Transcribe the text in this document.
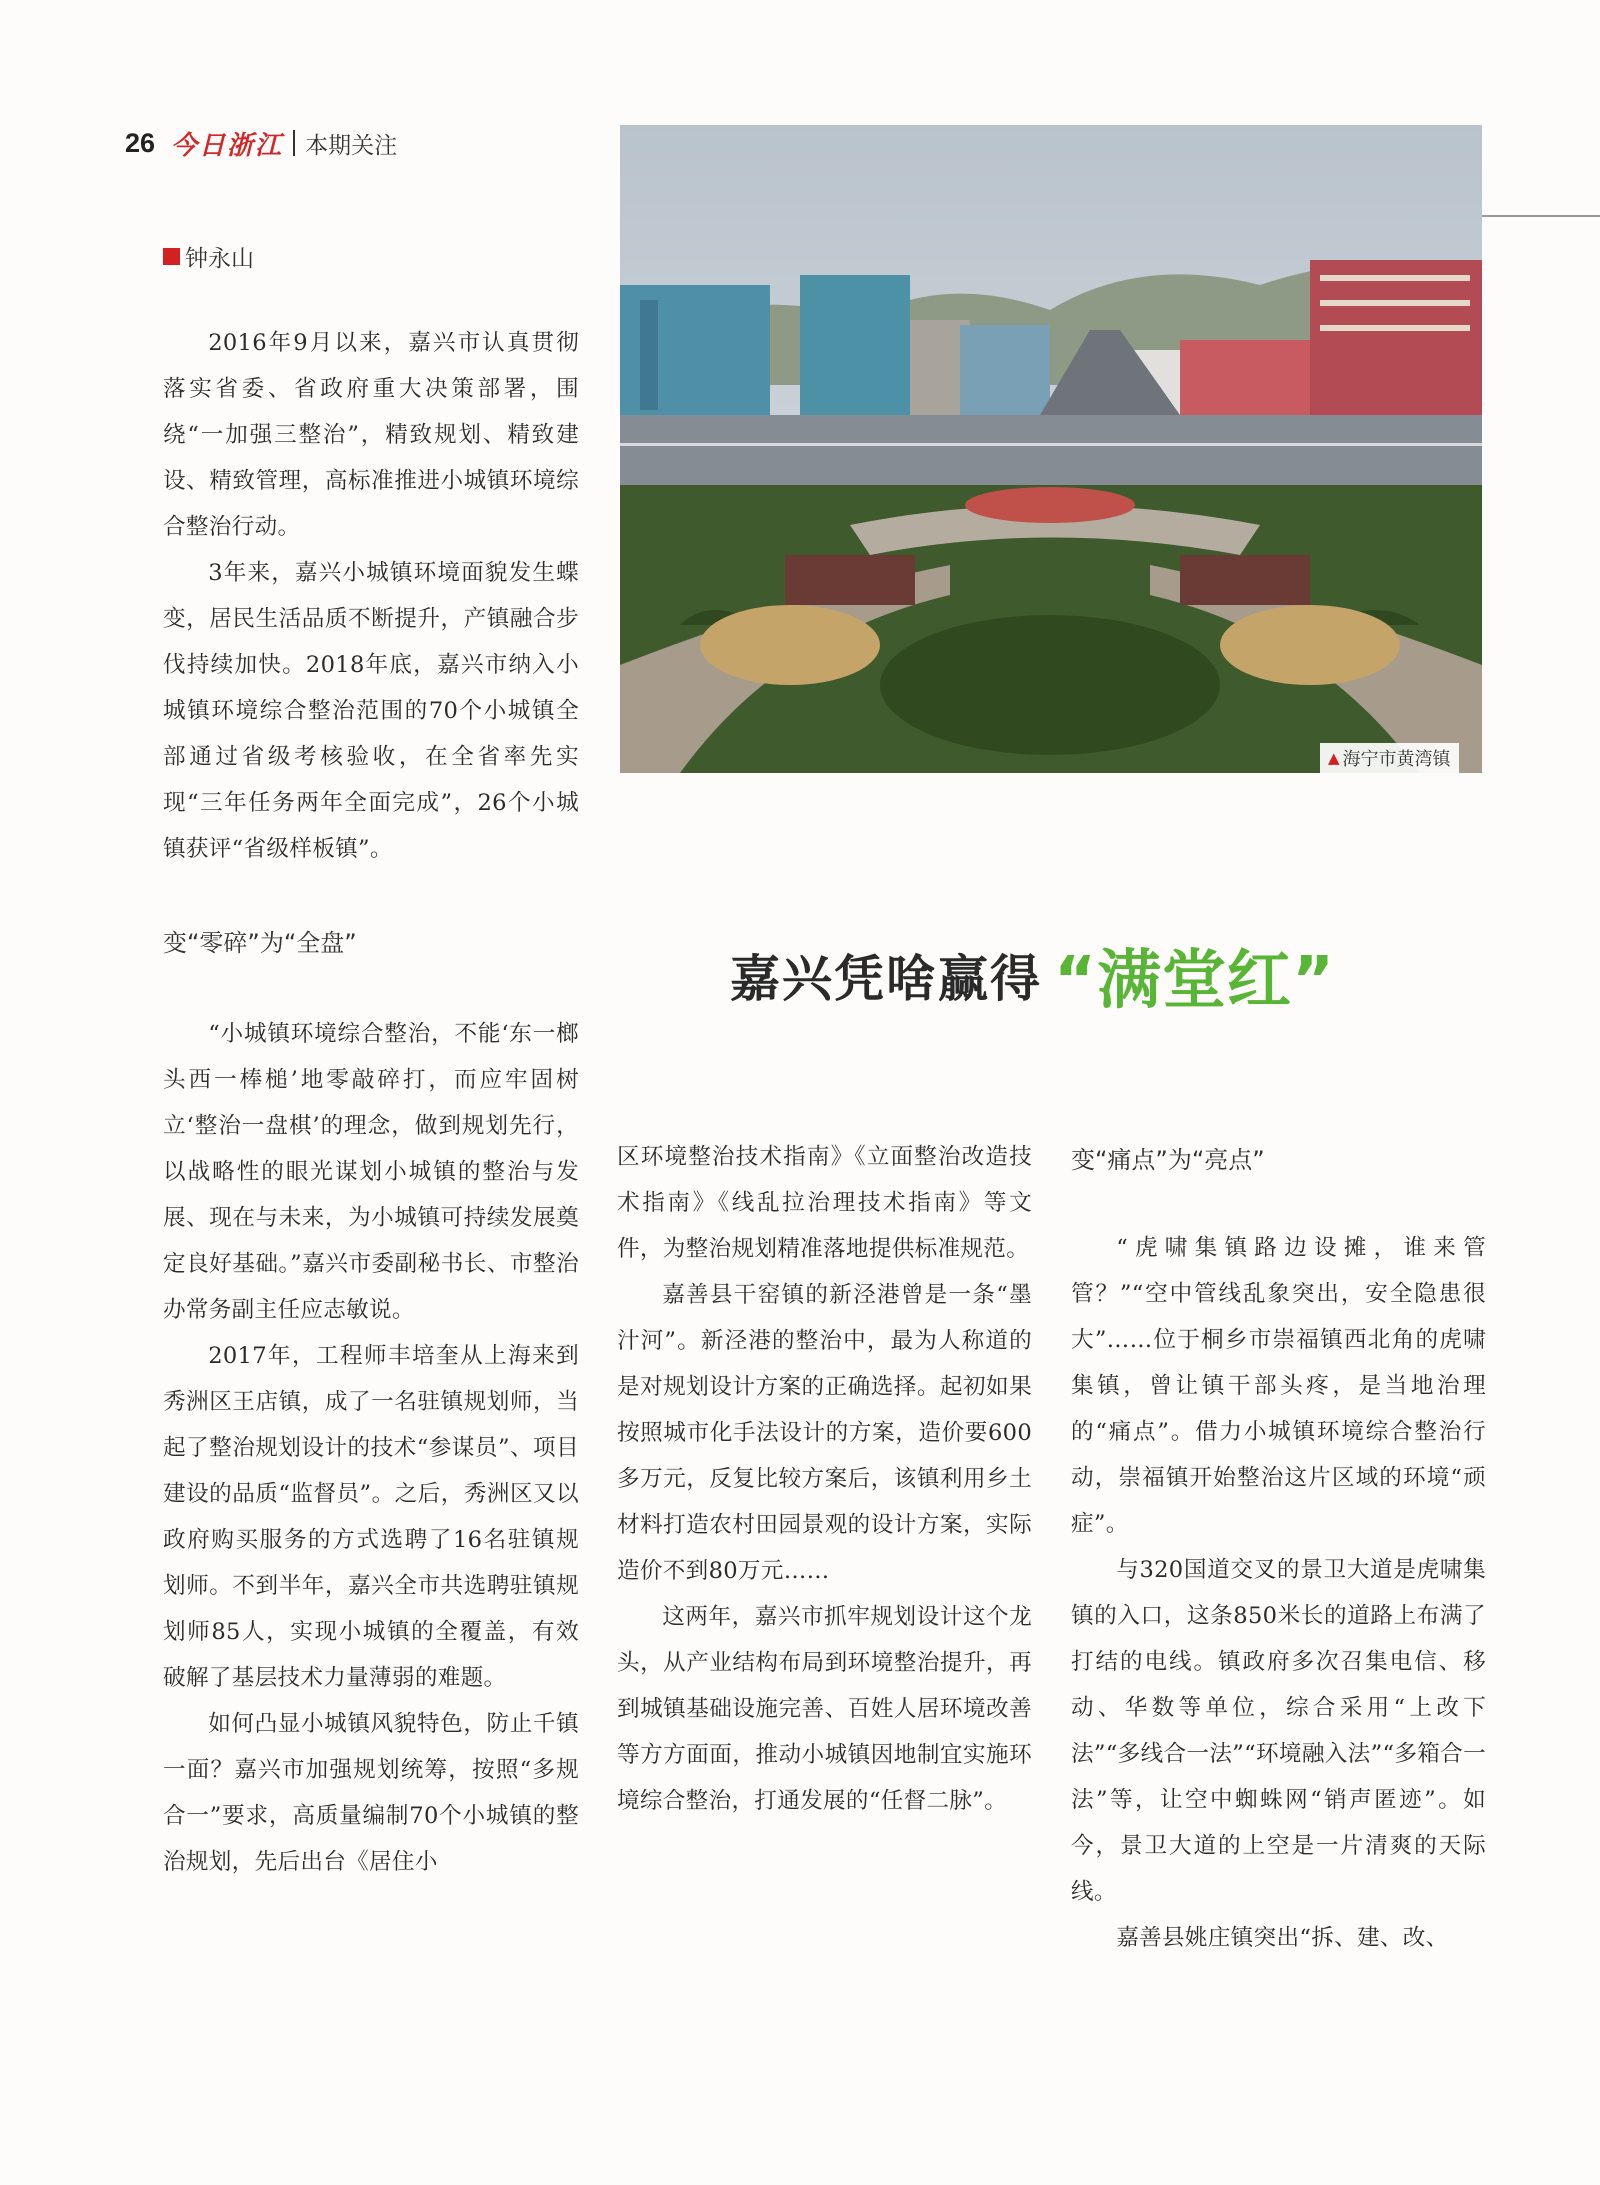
26 今日浙江 本期关注
钟永山

2016年9月以来，嘉兴市认真贯彻落实省委、省政府重大决策部署，围绕“一加强三整治”，精致规划、精致建设、精致管理，高标准推进小城镇环境综合整治行动。

3年来，嘉兴小城镇环境面貌发生蝶变，居民生活品质不断提升，产镇融合步伐持续加快。2018年底，嘉兴市纳入小城镇环境综合整治范围的70个小城镇全部通过省级考核验收，在全省率先实现“三年任务两年全面完成”，26个小城镇获评“省级样板镇”。

变“零碎”为“全盘”

“小城镇环境综合整治，不能‘东一榔头西一棒槌’地零敲碎打，而应牢固树立‘整治一盘棋’的理念，做到规划先行，以战略性的眼光谋划小城镇的整治与发展、现在与未来，为小城镇可持续发展奠定良好基础。”嘉兴市委副秘书长、市整治办常务副主任应志敏说。

2017年，工程师丰培奎从上海来到秀洲区王店镇，成了一名驻镇规划师，当起了整治规划设计的技术“参谋员”、项目建设的品质“监督员”。之后，秀洲区又以政府购买服务的方式选聘了16名驻镇规划师。不到半年，嘉兴全市共选聘驻镇规划师85人，实现小城镇的全覆盖，有效破解了基层技术力量薄弱的难题。

如何凸显小城镇风貌特色，防止千镇一面？嘉兴市加强规划统筹，按照“多规合一”要求，高质量编制70个小城镇的整治规划，先后出台《居住小

▲ 海宁市黄湾镇
嘉兴凭啥赢得 “满堂红”

区环境整治技术指南》《立面整治改造技术指南》《线乱拉治理技术指南》等文件，为整治规划精准落地提供标准规范。

嘉善县干窑镇的新泾港曾是一条“墨汁河”。新泾港的整治中，最为人称道的是对规划设计方案的正确选择。起初如果按照城市化手法设计的方案，造价要600多万元，反复比较方案后，该镇利用乡土材料打造农村田园景观的设计方案，实际造价不到80万元……

这两年，嘉兴市抓牢规划设计这个龙头，从产业结构布局到环境整治提升，再到城镇基础设施完善、百姓人居环境改善等方方面面，推动小城镇因地制宜实施环境综合整治，打通发展的“任督二脉”。

变“痛点”为“亮点”

“虎啸集镇路边设摊，谁来管管？”“空中管线乱象突出，安全隐患很大”……位于桐乡市崇福镇西北角的虎啸集镇，曾让镇干部头疼，是当地治理的“痛点”。借力小城镇环境综合整治行动，崇福镇开始整治这片区域的环境“顽症”。

与320国道交叉的景卫大道是虎啸集镇的入口，这条850米长的道路上布满了打结的电线。镇政府多次召集电信、移动、华数等单位，综合采用“上改下法”“多线合一法”“环境融入法”“多箱合一法”等，让空中蜘蛛网“销声匿迹”。如今，景卫大道的上空是一片清爽的天际线。

嘉善县姚庄镇突出“拆、建、改、
